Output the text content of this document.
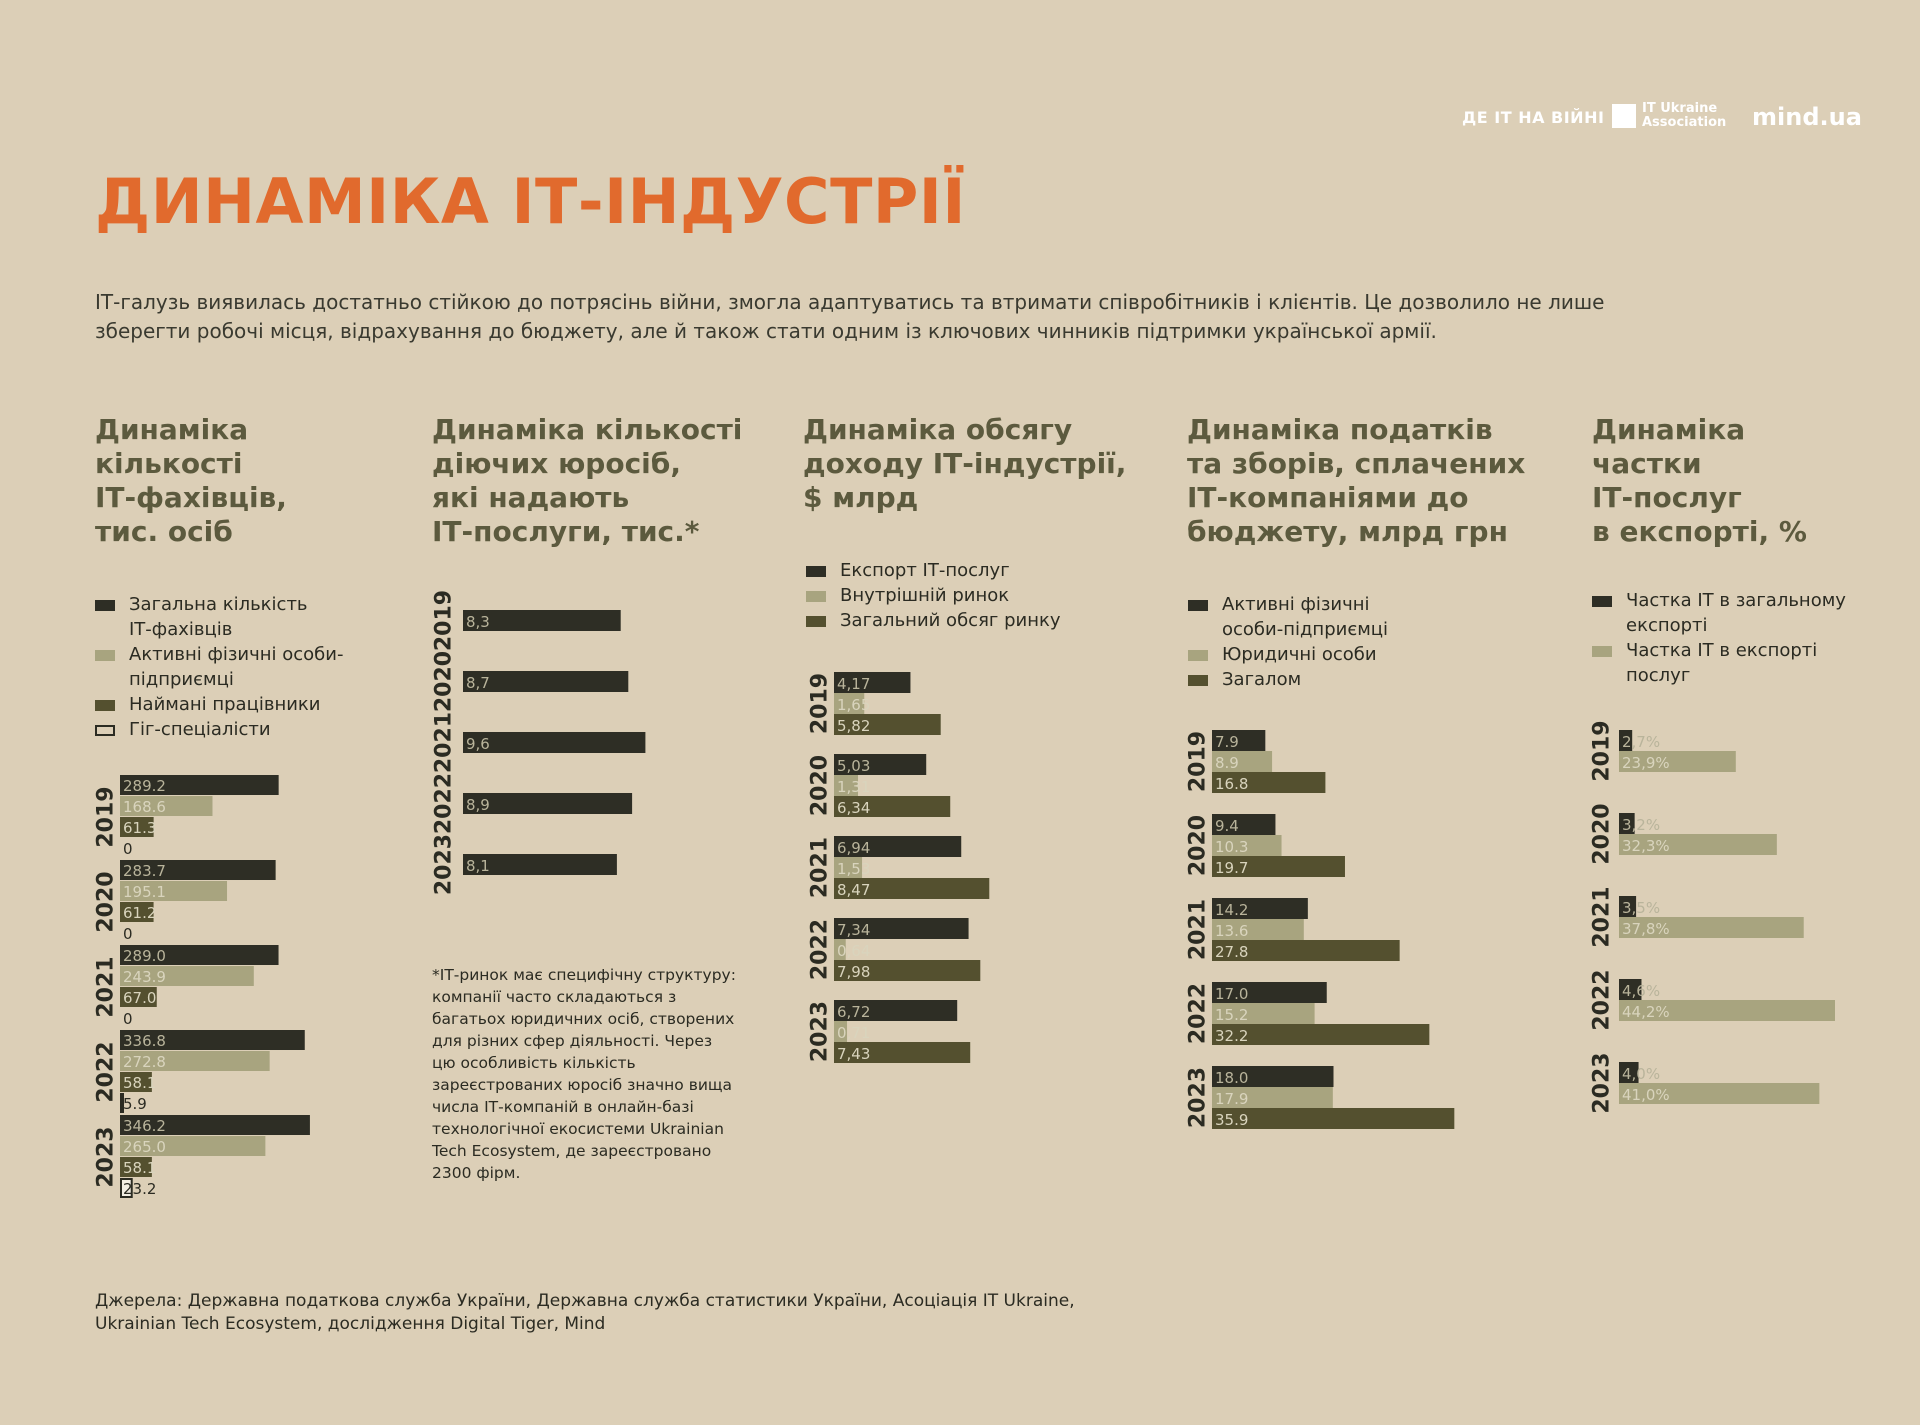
ДЕ ІТ НА ВІЙНІ	IT Ukraine
Association mind.ua
ДИНАМІКА ІТ-ІНДУСТРІЇ
ІТ-галузь виявилась достатньо стійкою до потрясінь війни, змогла адаптуватись та втримати співробітників і клієнтів. Це дозволило не лише зберегти робочі місця, відрахування до бюджету, але й також стати одним із ключових чинників підтримки української армії.
Динаміка
кількості
ІТ-фахівців,
тис. осіб
Динаміка кількості
діючих юросіб,
які надають
ІТ-послуги, тис.*
Динаміка обсягу
доходу ІТ-індустрії,
$ млрд
Динаміка податків
та зборів, сплачених
ІТ-компаніями до
бюджету, млрд грн
Динаміка
частки
ІТ-послуг
в експорті, %
Загальна кількість
ІТ-фахівців
Активні фізичні особи-
підприємці
Наймані працівники
Гіг-спеціалісти
Експорт ІТ-послуг
Внутрішній ринок
Загальний обсяг ринку
Активні фізичні
особи-підприємці
Юридичні особи
Загалом
Частка ІТ в загальному
експорті
Частка ІТ в експорті
послуг
289.2
168.6
61.3
0
2019
283.7
195.1
61.2
0
2020
289.0
243.9
67.0
0
2021
336.8
272.8
58.1
5.9
2022
346.2
265.0
58.1
23.2
2023
8,3
2019
8,7
2020
9,6
2021
8,9
2022
8,1
2023
4,17
1,65
5,82
2019
5,03
1,31
6,34
2020
6,94
1,53
8,47
2021
7,34
0,64
7,98
2022
6,72
0,71
7,43
2023
7.9
8.9
16.8
2019
9.4
10.3
19.7
2020
14.2
13.6
27.8
2021
17.0
15.2
32.2
2022
18.0
17.9
35.9
2023
2,7%
23,9%
2019
3,2%
32,3%
2020
3,5%
37,8%
2021
4,6%
44,2%
2022
4,0%
41,0%
2023
*ІТ-ринок має специфічну структуру: компанії часто складаються з багатьох юридичних осіб, створених для різних сфер діяльності. Через цю особливість кількість зареєстрованих юросіб значно вища числа ІТ-компаній в онлайн-базі технологічної екосистеми Ukrainian Tech Ecosystem, де зареєстровано 2300 фірм.
Джерела: Державна податкова служба України, Державна служба статистики України, Асоціація IT Ukraine, Ukrainian Tech Ecosystem, дослідження Digital Tiger, Mind
